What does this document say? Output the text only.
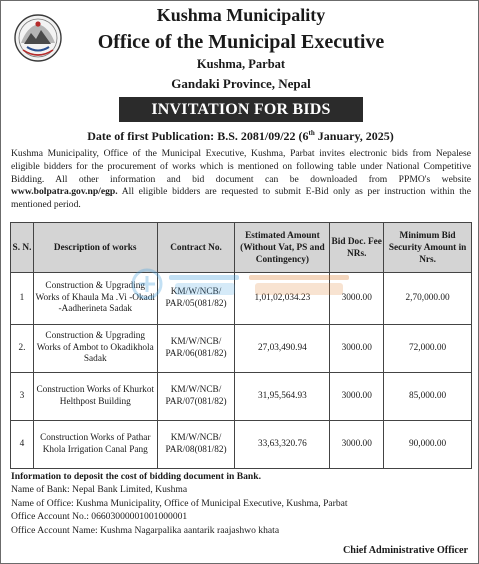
Kushma Municipality
Office of the Municipal Executive
Kushma, Parbat
Gandaki Province, Nepal
INVITATION FOR BIDS
Date of first Publication: B.S. 2081/09/22 (6th January, 2025)

Kushma Municipality, Office of the Municipal Executive, Kushma, Parbat invites electronic bids from Nepalese eligible bidders for the procurement of works which is mentioned on following table under National Competitive Bidding. All other information and bid document can be downloaded from PPMO's website www.bolpatra.gov.np/egp. All eligible bidders are requested to submit E-Bid only as per instruction within the mentioned period.

S. N.	Description of works	Contract No.	Estimated Amount (Without Vat, PS and Contingency)	Bid Doc. Fee NRs.	Minimum Bid Security Amount in Nrs.
1	Construction & Upgrading Works of Khaula Ma .Vi -Okadi -Aadherineta Sadak	KM/W/NCB/ PAR/05(081/82)	1,01,02,034.23	3000.00	2,70,000.00
2.	Construction & Upgrading Works of Ambot to Okadikhola Sadak	KM/W/NCB/ PAR/06(081/82)	27,03,490.94	3000.00	72,000.00
3	Construction Works of Khurkot Helthpost Building	KM/W/NCB/ PAR/07(081/82)	31,95,564.93	3000.00	85,000.00
4	Construction Works of Pathar Khola Irrigation Canal Pang	KM/W/NCB/ PAR/08(081/82)	33,63,320.76	3000.00	90,000.00
Information to deposit the cost of bidding document in Bank.
Name of Bank: Nepal Bank Limited, Kushma
Name of Office: Kushma Municipality, Office of Municipal Executive, Kushma, Parbat
Office Account No.: 06603000001001000001
Office Account Name: Kushma Nagarpalika aantarik raajashwo khata
Chief Administrative Officer
